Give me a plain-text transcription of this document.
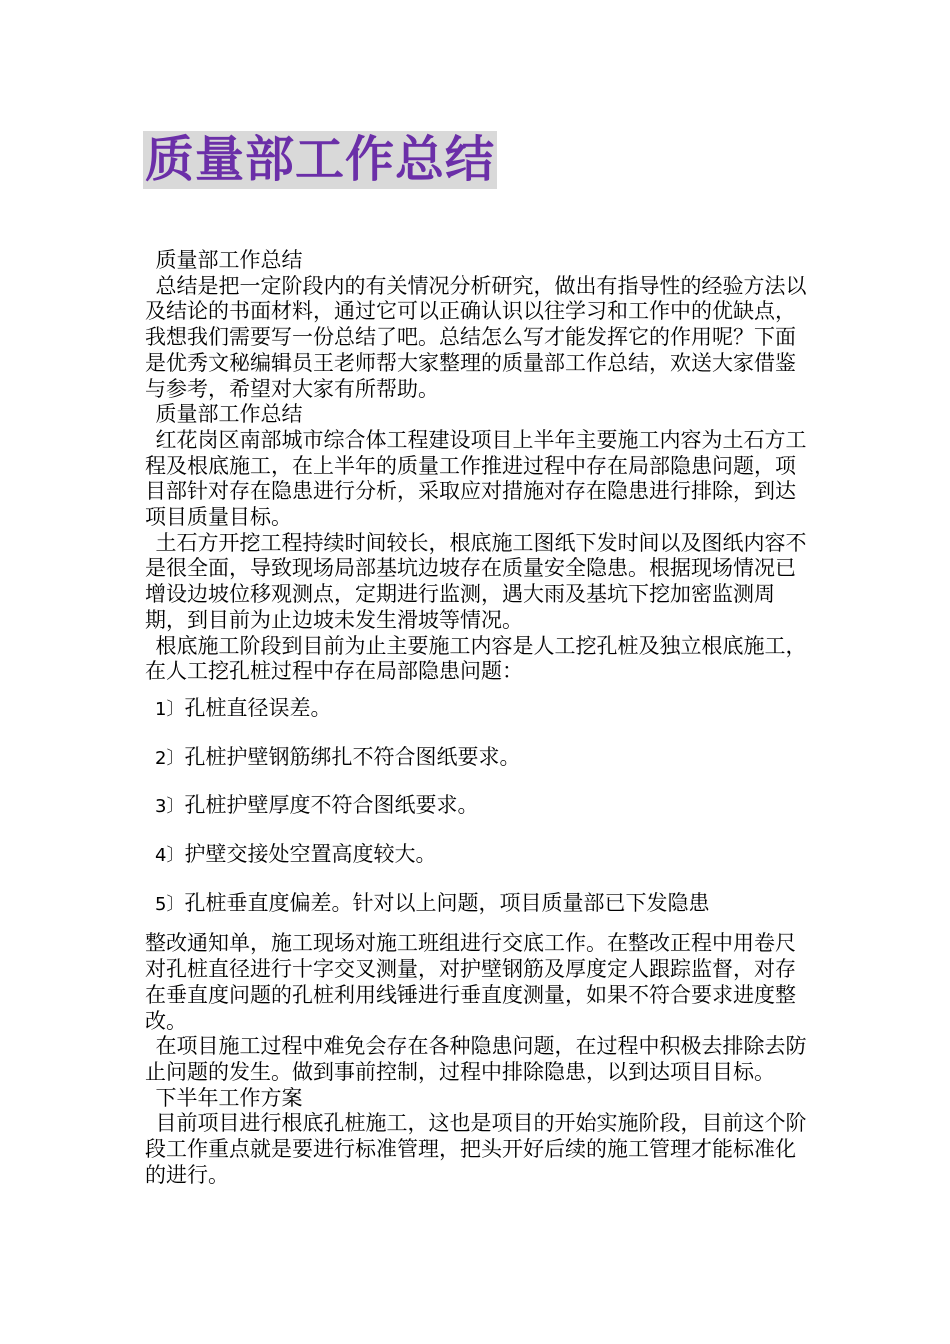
质量部工作总结

质量部工作总结

总结是把一定阶段内的有关情况分析研究，做出有指导性的经验方法以及结论的书面材料，通过它可以正确认识以往学习和工作中的优缺点，我想我们需要写一份总结了吧。总结怎么写才能发挥它的作用呢？下面是优秀文秘编辑员王老师帮大家整理的质量部工作总结，欢送大家借鉴与参考，希望对大家有所帮助。

质量部工作总结

红花岗区南部城市综合体工程建设项目上半年主要施工内容为土石方工程及根底施工，在上半年的质量工作推进过程中存在局部隐患问题，项目部针对存在隐患进行分析，采取应对措施对存在隐患进行排除，到达项目质量目标。

土石方开挖工程持续时间较长，根底施工图纸下发时间以及图纸内容不是很全面，导致现场局部基坑边坡存在质量安全隐患。根据现场情况已增设边坡位移观测点，定期进行监测，遇大雨及基坑下挖加密监测周期，到目前为止边坡未发生滑坡等情况。

根底施工阶段到目前为止主要施工内容是人工挖孔桩及独立根底施工，在人工挖孔桩过程中存在局部隐患问题：

1〕孔桩直径误差。
2〕孔桩护壁钢筋绑扎不符合图纸要求。
3〕孔桩护壁厚度不符合图纸要求。
4〕护壁交接处空置高度较大。
5〕孔桩垂直度偏差。针对以上问题，项目质量部已下发隐患

整改通知单，施工现场对施工班组进行交底工作。在整改正程中用卷尺对孔桩直径进行十字交叉测量，对护壁钢筋及厚度定人跟踪监督，对存在垂直度问题的孔桩利用线锤进行垂直度测量，如果不符合要求进度整改。

在项目施工过程中难免会存在各种隐患问题，在过程中积极去排除去防止问题的发生。做到事前控制，过程中排除隐患，以到达项目目标。

下半年工作方案

目前项目进行根底孔桩施工，这也是项目的开始实施阶段，目前这个阶段工作重点就是要进行标准管理，把头开好后续的施工管理才能标准化的进行。
